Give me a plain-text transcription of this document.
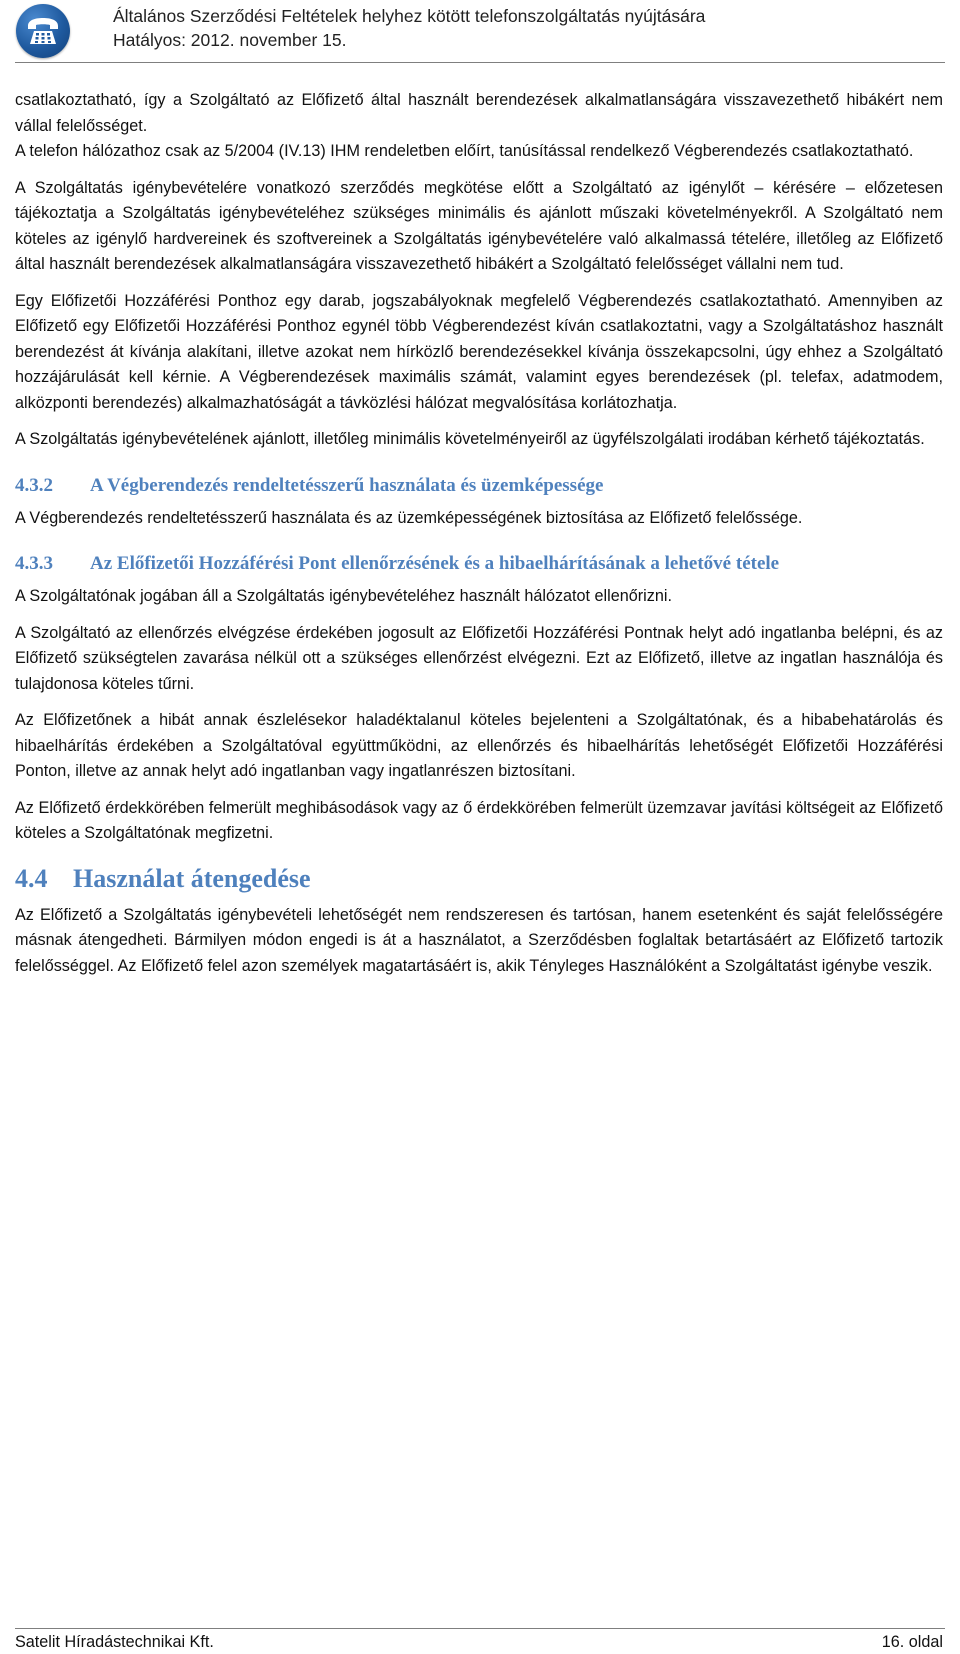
Általános Szerződési Feltételek helyhez kötött telefonszolgáltatás nyújtására
Hatályos: 2012. november 15.

csatlakoztatható, így a Szolgáltató az Előfizető által használt berendezések alkalmatlanságára visszavezethető hibákért nem vállal felelősséget.

A telefon hálózathoz csak az 5/2004 (IV.13) IHM rendeletben előírt, tanúsítással rendelkező Végberendezés csatlakoztatható.

A Szolgáltatás igénybevételére vonatkozó szerződés megkötése előtt a Szolgáltató az igénylőt – kérésére – előzetesen tájékoztatja a Szolgáltatás igénybevételéhez szükséges minimális és ajánlott műszaki követelményekről. A Szolgáltató nem köteles az igénylő hardvereinek és szoftvereinek a Szolgáltatás igénybevételére való alkalmassá tételére, illetőleg az Előfizető által használt berendezések alkalmatlanságára visszavezethető hibákért a Szolgáltató felelősséget vállalni nem tud.

Egy Előfizetői Hozzáférési Ponthoz egy darab, jogszabályoknak megfelelő Végberendezés csatlakoztatható. Amennyiben az Előfizető egy Előfizetői Hozzáférési Ponthoz egynél több Végberendezést kíván csatlakoztatni, vagy a Szolgáltatáshoz használt berendezést át kívánja alakítani, illetve azokat nem hírközlő berendezésekkel kívánja összekapcsolni, úgy ehhez a Szolgáltató hozzájárulását kell kérnie. A Végberendezések maximális számát, valamint egyes berendezések (pl. telefax, adatmodem, alközponti berendezés) alkalmazhatóságát a távközlési hálózat megvalósítása korlátozhatja.

A Szolgáltatás igénybevételének ajánlott, illetőleg minimális követelményeiről az ügyfélszolgálati irodában kérhető tájékoztatás.

4.3.2	A Végberendezés rendeltetésszerű használata és üzemképessége

A Végberendezés rendeltetésszerű használata és az üzemképességének biztosítása az Előfizető felelőssége.

4.3.3	Az Előfizetői Hozzáférési Pont ellenőrzésének és a hibaelhárításának a lehetővé tétele

A Szolgáltatónak jogában áll a Szolgáltatás igénybevételéhez használt hálózatot ellenőrizni.

A Szolgáltató az ellenőrzés elvégzése érdekében jogosult az Előfizetői Hozzáférési Pontnak helyt adó ingatlanba belépni, és az Előfizető szükségtelen zavarása nélkül ott a szükséges ellenőrzést elvégezni. Ezt az Előfizető, illetve az ingatlan használója és tulajdonosa köteles tűrni.

Az Előfizetőnek a hibát annak észlelésekor haladéktalanul köteles bejelenteni a Szolgáltatónak, és a hibabehatárolás és hibaelhárítás érdekében a Szolgáltatóval együttműködni, az ellenőrzés és hibaelhárítás lehetőségét Előfizetői Hozzáférési Ponton, illetve az annak helyt adó ingatlanban vagy ingatlanrészen biztosítani.

Az Előfizető érdekkörében felmerült meghibásodások vagy az ő érdekkörében felmerült üzemzavar javítási költségeit az Előfizető köteles a Szolgáltatónak megfizetni.

4.4 Használat átengedése

Az Előfizető a Szolgáltatás igénybevételi lehetőségét nem rendszeresen és tartósan, hanem esetenként és saját felelősségére másnak átengedheti. Bármilyen módon engedi is át a használatot, a Szerződésben foglaltak betartásáért az Előfizető tartozik felelősséggel. Az Előfizető felel azon személyek magatartásáért is, akik Tényleges Használóként a Szolgáltatást igénybe veszik.

Satelit Híradástechnikai Kft.	16. oldal
